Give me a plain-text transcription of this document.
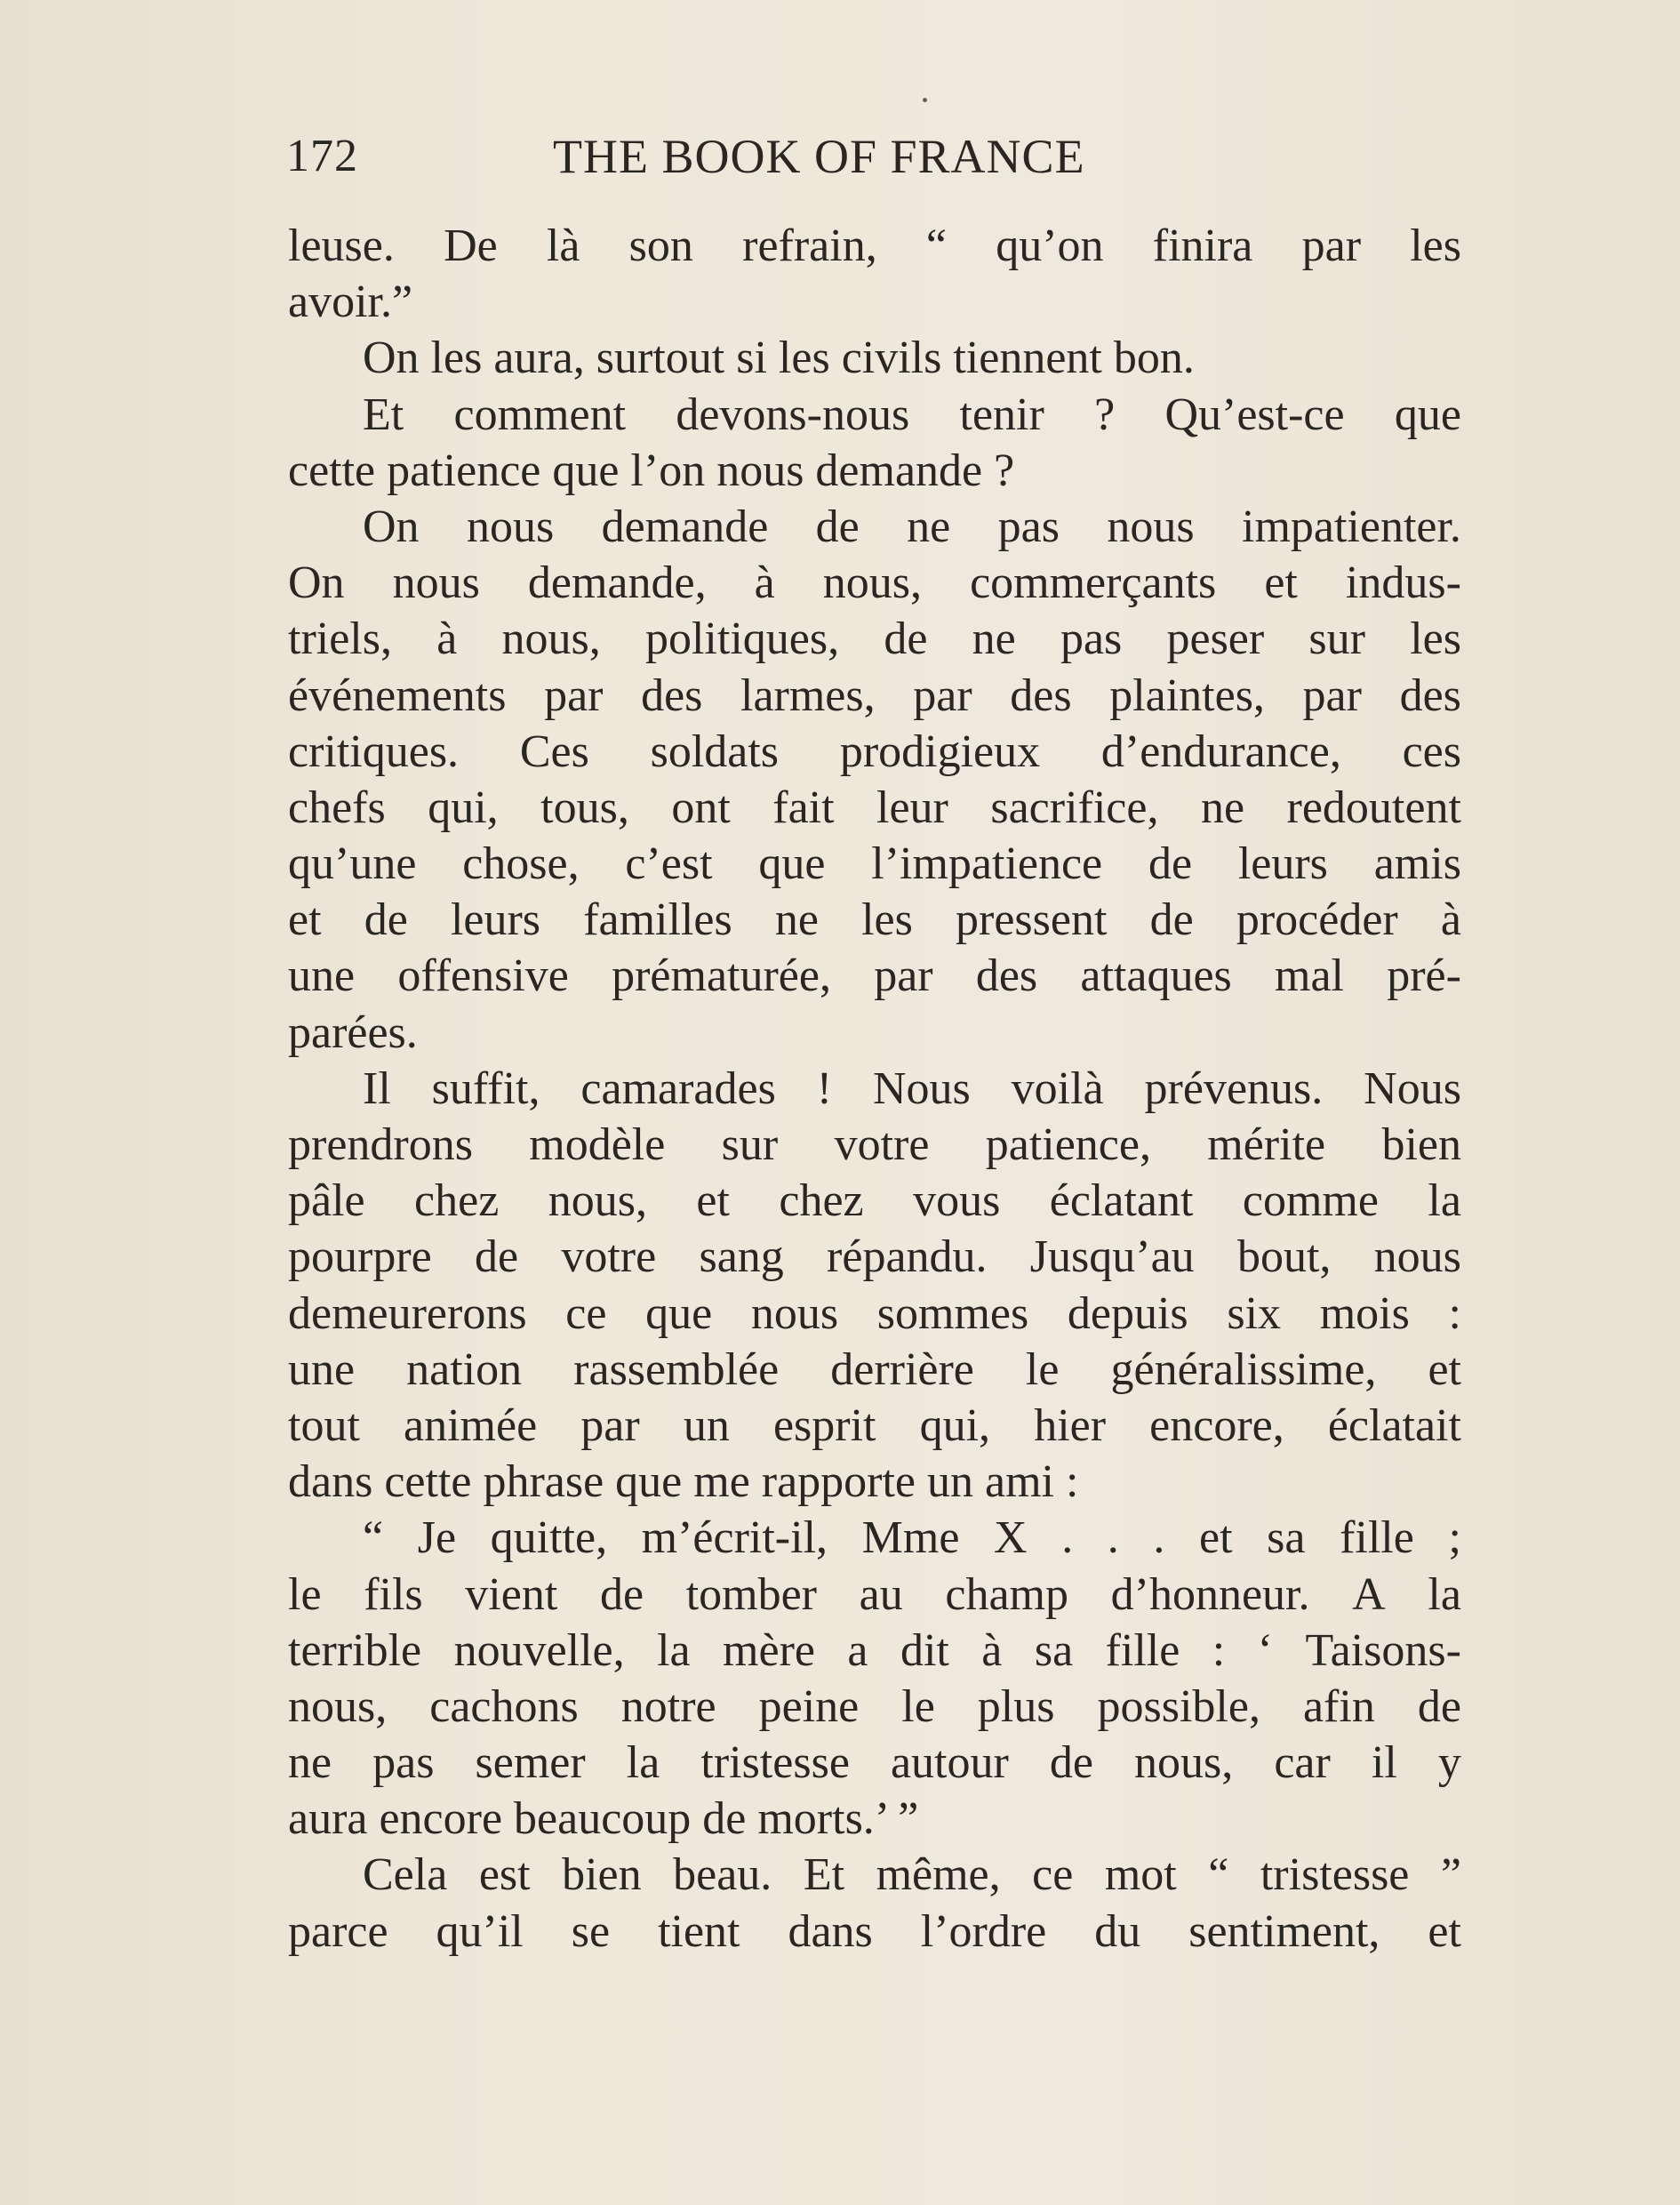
172	THE BOOK OF FRANCE
leuse. De là son refrain, “ qu’on finira par les
avoir.”
On les aura, surtout si les civils tiennent bon.
Et comment devons-nous tenir ? Qu’est-ce que
cette patience que l’on nous demande ?
On nous demande de ne pas nous impatienter.
On nous demande, à nous, commerçants et indus-
triels, à nous, politiques, de ne pas peser sur les
événements par des larmes, par des plaintes, par des
critiques. Ces soldats prodigieux d’endurance, ces
chefs qui, tous, ont fait leur sacrifice, ne redoutent
qu’une chose, c’est que l’impatience de leurs amis
et de leurs familles ne les pressent de procéder à
une offensive prématurée, par des attaques mal pré-
parées.
Il suffit, camarades ! Nous voilà prévenus. Nous
prendrons modèle sur votre patience, mérite bien
pâle chez nous, et chez vous éclatant comme la
pourpre de votre sang répandu. Jusqu’au bout, nous
demeurerons ce que nous sommes depuis six mois :
une nation rassemblée derrière le généralissime, et
tout animée par un esprit qui, hier encore, éclatait
dans cette phrase que me rapporte un ami :
“ Je quitte, m’écrit-il, Mme X . . . et sa fille ;
le fils vient de tomber au champ d’honneur. A la
terrible nouvelle, la mère a dit à sa fille : ‘ Taisons-
nous, cachons notre peine le plus possible, afin de
ne pas semer la tristesse autour de nous, car il y
aura encore beaucoup de morts.’ ”
Cela est bien beau. Et même, ce mot “ tristesse ”
parce qu’il se tient dans l’ordre du sentiment, et
